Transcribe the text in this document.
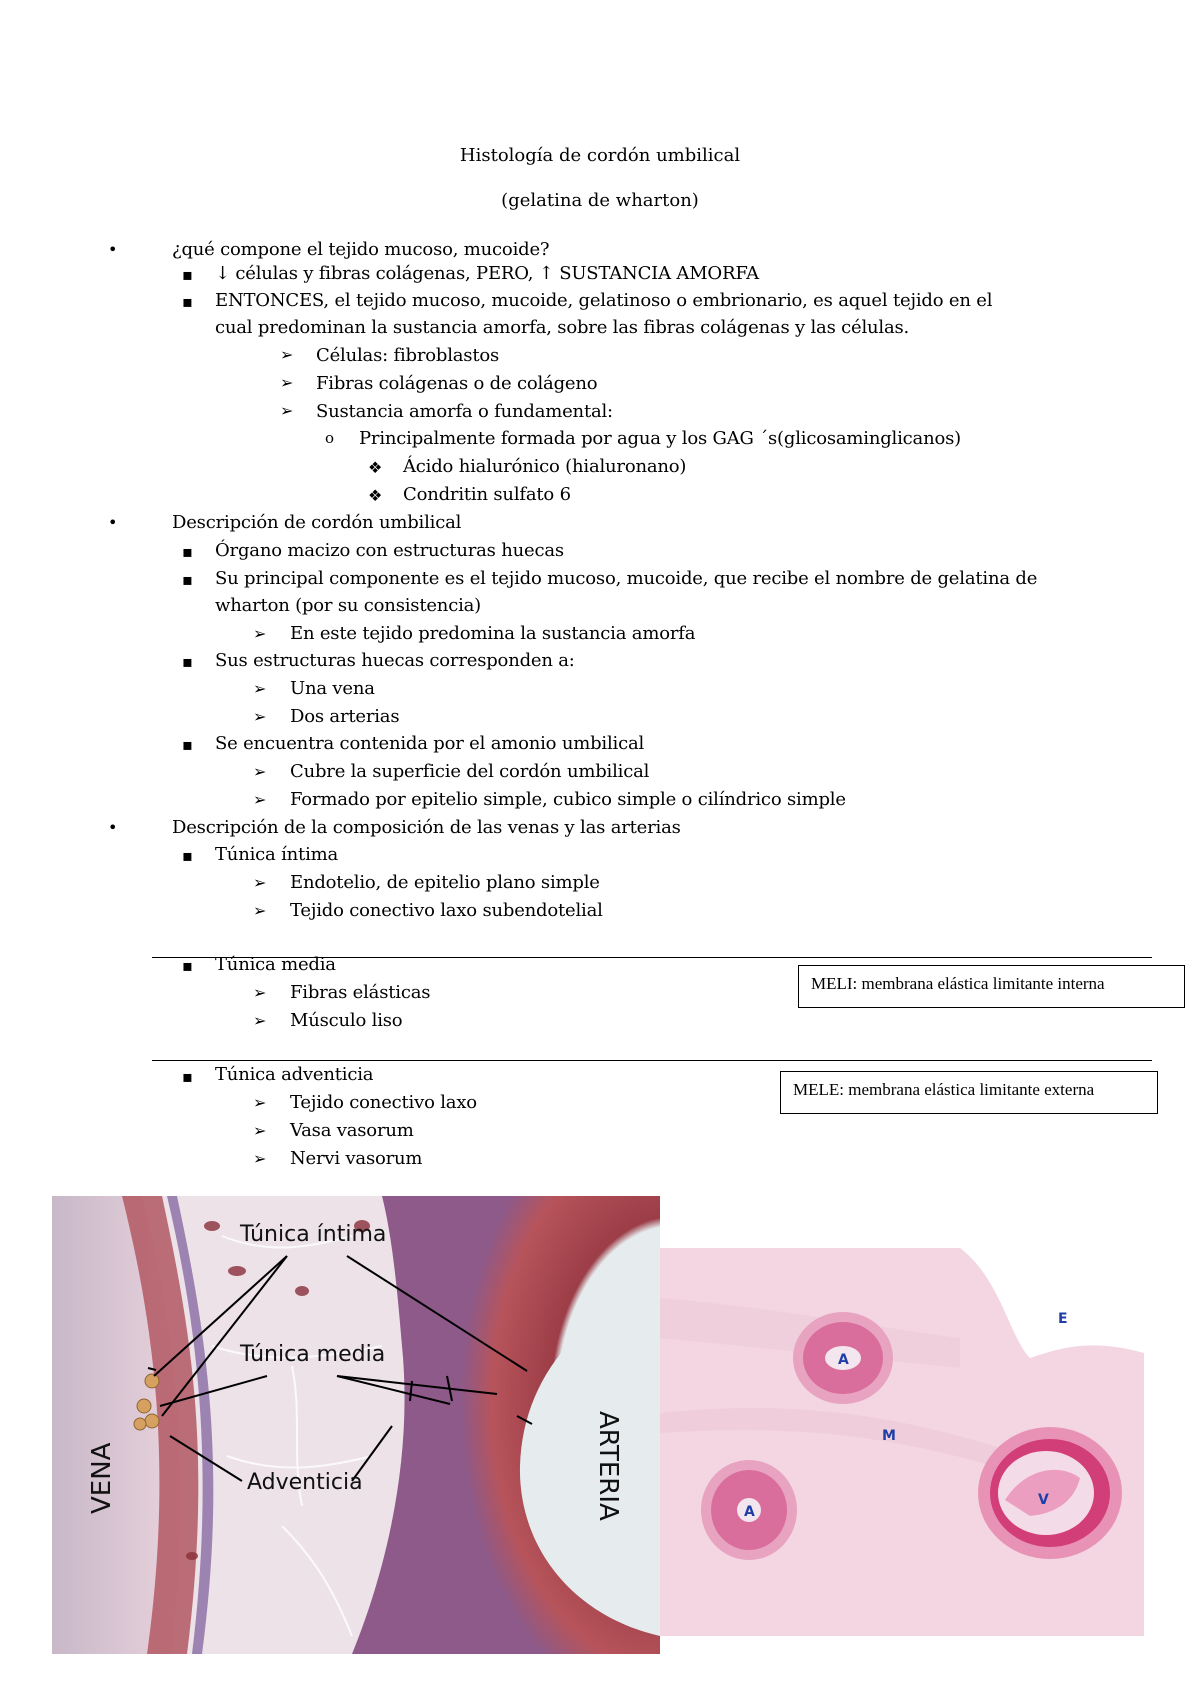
Histología de cordón umbilical
(gelatina de wharton)
•	¿qué compone el tejido mucoso, mucoide?
▪ ↓ células y fibras colágenas, PERO, ↑ SUSTANCIA AMORFA
▪ ENTONCES, el tejido mucoso, mucoide, gelatinoso o embrionario, es aquel tejido en el
cual predominan la sustancia amorfa, sobre las fibras colágenas y las células.
➢ Células: fibroblastos
➢ Fibras colágenas o de colágeno
➢ Sustancia amorfa o fundamental:
o Principalmente formada por agua y los GAG ´s(glicosaminglicanos)
❖ Ácido hialurónico (hialuronano)
❖ Condritin sulfato 6
•	Descripción de cordón umbilical
▪ Órgano macizo con estructuras huecas
▪ Su principal componente es el tejido mucoso, mucoide, que recibe el nombre de gelatina de
wharton (por su consistencia)
➢ En este tejido predomina la sustancia amorfa
▪ Sus estructuras huecas corresponden a:
➢ Una vena
➢ Dos arterias
▪ Se encuentra contenida por el amonio umbilical
➢ Cubre la superficie del cordón umbilical
➢ Formado por epitelio simple, cubico simple o cilíndrico simple
•	Descripción de la composición de las venas y las arterias
▪ Túnica íntima
➢ Endotelio, de epitelio plano simple
➢ Tejido conectivo laxo subendotelial
▪ Túnica media
➢ Fibras elásticas
➢ Músculo liso
MELI: membrana elástica limitante interna
▪ Túnica adventicia
➢ Tejido conectivo laxo
➢ Vasa vasorum
➢ Nervi vasorum
MELE: membrana elástica limitante externa
Túnica íntima
Túnica media
Adventicia
VENA	ARTERIA
E
A
A
M
V
